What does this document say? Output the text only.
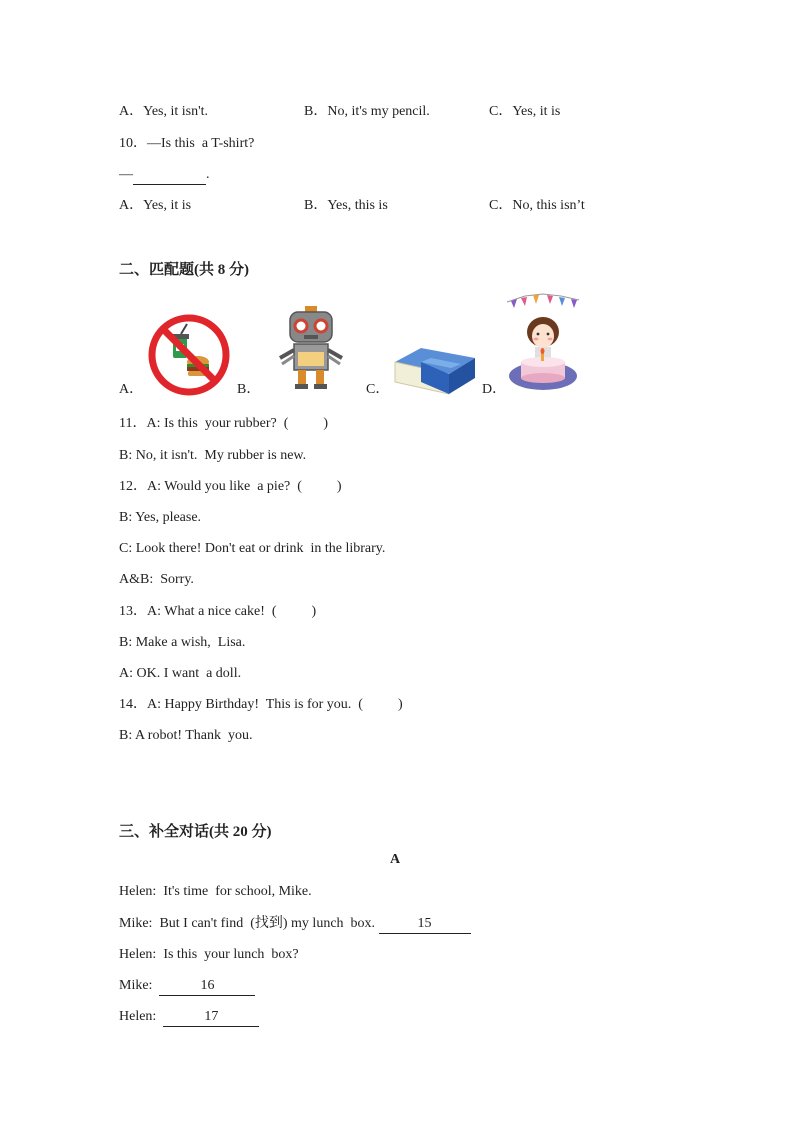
A．Yes, it isn't.	B．No, it's my pencil.	C．Yes, it is
10．—Is this  a T-shirt?
—	.
A．Yes, it is	B．Yes, this is	C．No, this isn’t
二、匹配题(共 8 分)
A．	B．	C．	D．
11．A: Is this  your rubber?  (          )
B: No, it isn't.  My rubber is new.
12．A: Would you like  a pie?  (          )
B: Yes, please.
C: Look there! Don't eat or drink  in the library.
A&B:  Sorry.
13．A: What a nice cake!  (          )
B: Make a wish,  Lisa.
A: OK. I want  a doll.
14．A: Happy Birthday!  This is for you.  (          )
B: A robot! Thank  you.
三、补全对话(共 20 分)
A
Helen:  It's time  for school, Mike.
Mike:  But I can't find  (找到) my lunch  box.	15
Helen:  Is this  your lunch  box?
Mike:	16
Helen:	17
